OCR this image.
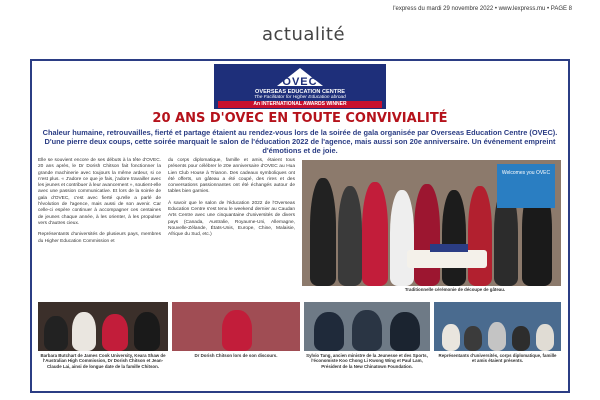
l'express du mardi 29 novembre 2022 • www.lexpress.mu • PAGE 8
actualité
OVEC
OVERSEAS EDUCATION CENTRE
The Facilitator for Higher Education abroad
An INTERNATIONAL AWARDS WINNER
20 ANS D'OVEC EN TOUTE CONVIVIALITÉ
Chaleur humaine, retrouvailles, fierté et partage étaient au rendez-vous lors de la soirée de gala organisée par Overseas Education Centre (OVEC). D'une pierre deux coups, cette soirée marquait le salon de l'éducation 2022 de l'agence, mais aussi son 20e anniversaire. Un événement empreint d'émotions et de joie.

Elle se souvient encore de ses débuts à la tête d'OVEC. 20 ans après, le Dr Dorish Chitson fait fonctionner la grande machinerie avec toujours la même ardeur, si ce n'est plus. « J'adore ce que je fais, j'adore travailler avec les jeunes et contribuer à leur avancement », soutient-elle avec une passion communicative. Et lors de la soirée de gala d'OVEC, c'est avec fierté qu'elle a parlé de l'évolution de l'agence, mais aussi de son avenir. Car celle-ci espère continuer à accompagner ces centaines de jeunes chaque année, à les orienter, à les propulser vers d'autres cieux.

Représentants d'universités de plusieurs pays, membres du Higher Education Commission et

du corps diplomatique, famille et amis, étaient tous présents pour célébrer le 20e anniversaire d'OVEC au Hua Lien Club House à Trianon. Des cadeaux symboliques ont été offerts, un gâteau a été coupé, des rires et des conversations passionnantes ont été échangés autour de tables bien garnies.

À savoir que le salon de l'éducation 2022 de l'Overseas Education Centre s'est tenu le weekend dernier au Caudan Arts Centre avec une cinquantaine d'universités de divers pays (Canada, Australie, Royaume-Uni, Allemagne, Nouvelle-Zélande, États-Unis, Europe, Chine, Malaisie, Afrique du Sud, etc.)

Welcomes you OVEC
Traditionnelle cérémonie de découpe de gâteau.
Barbara Butchart de James Cook University, Keara Shaw de l'Australian High Commission, Dr Dorish Chitson et Jean-Claude Lai, ainsi de longue date de la famille Chitson.
Dr Dorish Chitson lors de son discours.	Sylvio Tang, ancien ministre de la Jeunesse et des Sports, l'économiste Koo Chong Li Kwong Wing et Paul Lam, Président de la New Chinatown Foundation.
Représentants d'universités, corps diplomatique, famille et amis étaient présents.
